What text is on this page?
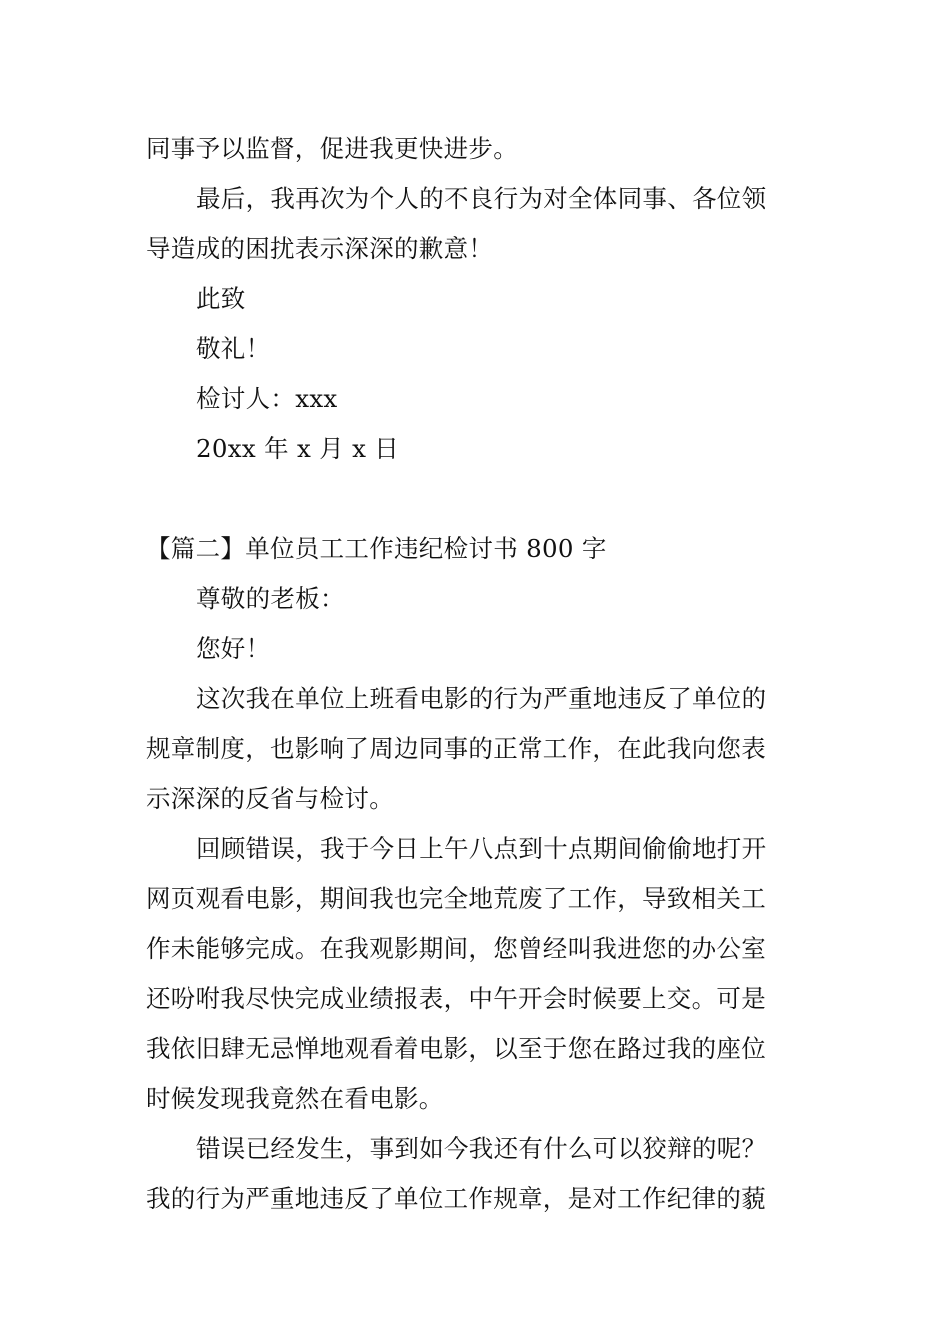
同事予以监督，促进我更快进步。
最后，我再次为个人的不良行为对全体同事、各位领
导造成的困扰表示深深的歉意！
此致
敬礼！
检讨人：xxx
20xx 年 x 月 x 日
【篇二】单位员工工作违纪检讨书 800 字
尊敬的老板：
您好！
这次我在单位上班看电影的行为严重地违反了单位的
规章制度，也影响了周边同事的正常工作，在此我向您表
示深深的反省与检讨。
回顾错误，我于今日上午八点到十点期间偷偷地打开
网页观看电影，期间我也完全地荒废了工作，导致相关工
作未能够完成。在我观影期间，您曾经叫我进您的办公室
还吩咐我尽快完成业绩报表，中午开会时候要上交。可是
我依旧肆无忌惮地观看着电影，以至于您在路过我的座位
时候发现我竟然在看电影。
错误已经发生，事到如今我还有什么可以狡辩的呢？
我的行为严重地违反了单位工作规章，是对工作纪律的藐
